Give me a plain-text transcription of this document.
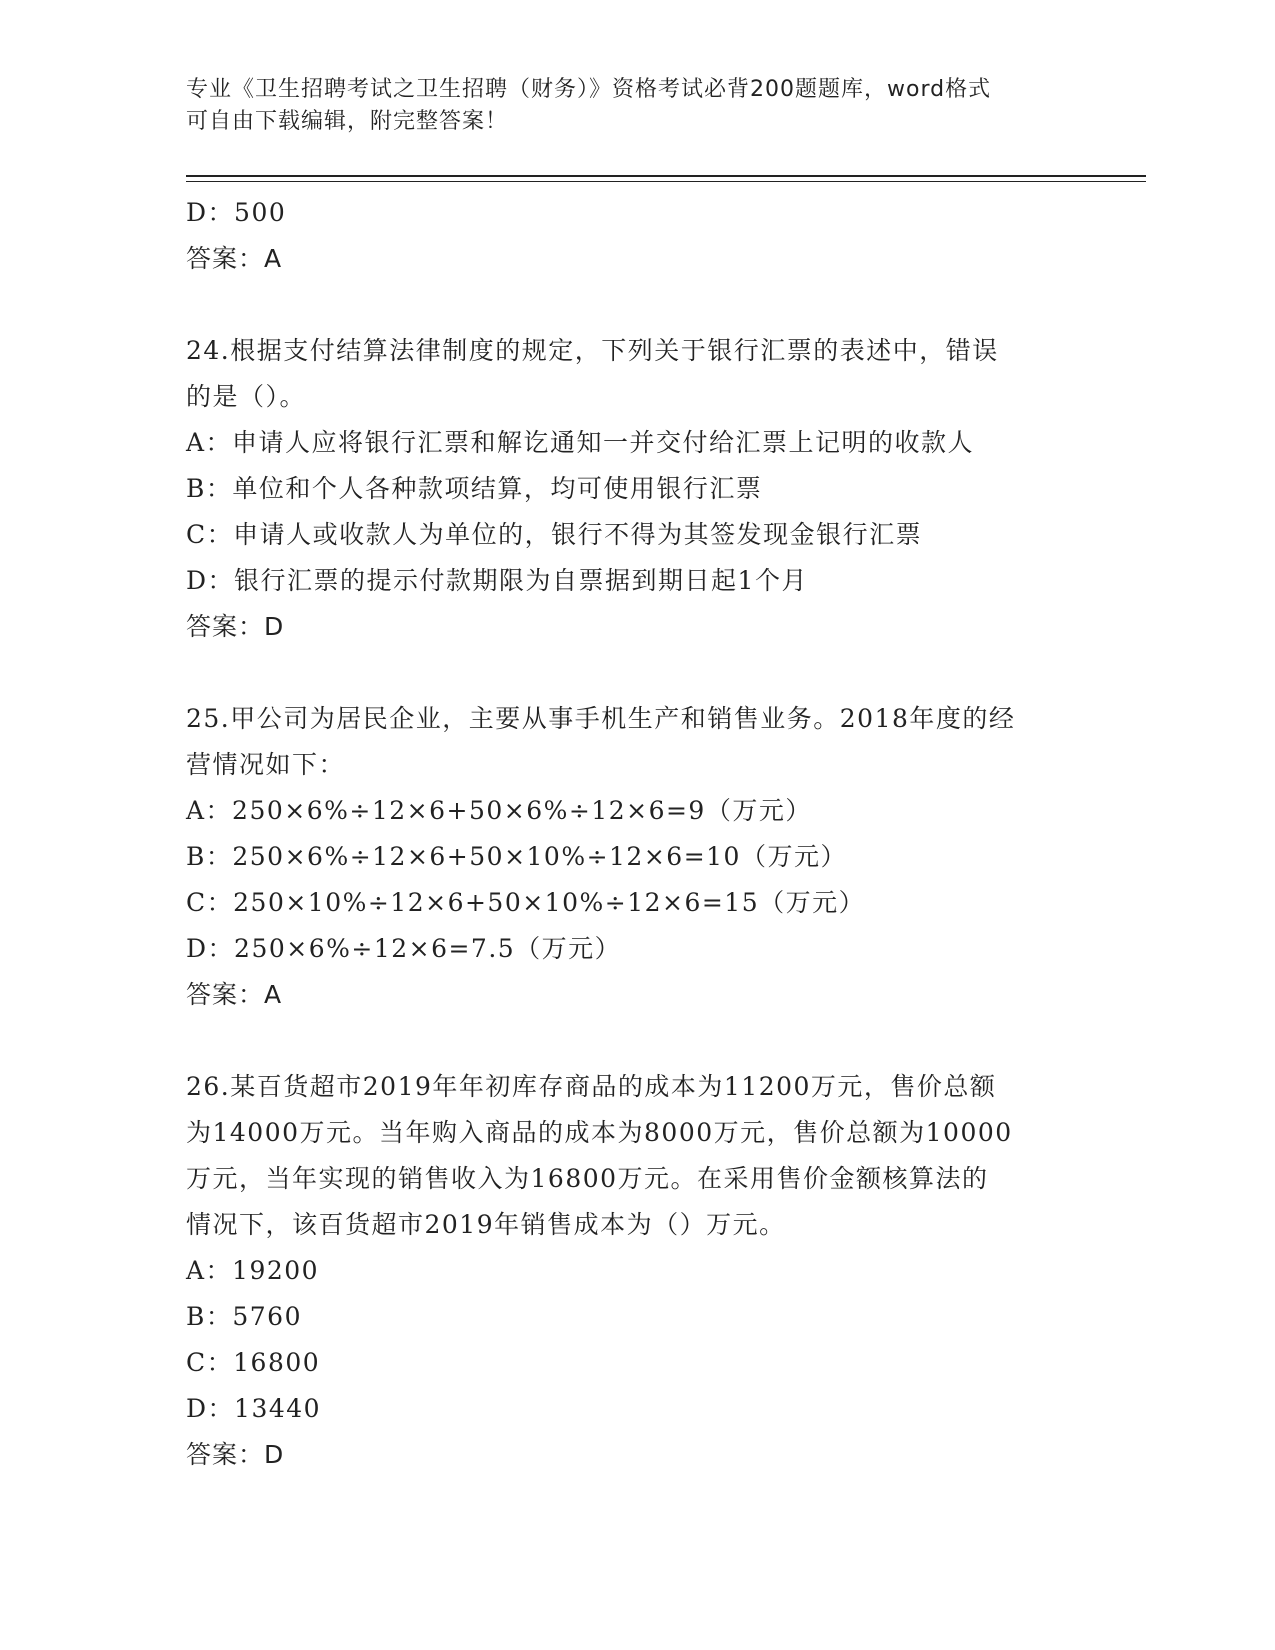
专业《卫生招聘考试之卫生招聘（财务）》资格考试必背200题题库，word格式
可自由下载编辑，附完整答案！
D：500
答案：A
24.根据支付结算法律制度的规定，下列关于银行汇票的表述中，错误
的是（）。
A：申请人应将银行汇票和解讫通知一并交付给汇票上记明的收款人
B：单位和个人各种款项结算，均可使用银行汇票
C：申请人或收款人为单位的，银行不得为其签发现金银行汇票
D：银行汇票的提示付款期限为自票据到期日起1个月
答案：D
25.甲公司为居民企业，主要从事手机生产和销售业务。2018年度的经
营情况如下：
A：250×6%÷12×6+50×6%÷12×6=9（万元）
B：250×6%÷12×6+50×10%÷12×6=10（万元）
C：250×10%÷12×6+50×10%÷12×6=15（万元）
D：250×6%÷12×6=7.5（万元）
答案：A
26.某百货超市2019年年初库存商品的成本为11200万元，售价总额
为14000万元。当年购入商品的成本为8000万元，售价总额为10000
万元，当年实现的销售收入为16800万元。在采用售价金额核算法的
情况下，该百货超市2019年销售成本为（）万元。
A：19200
B：5760
C：16800
D：13440
答案：D
